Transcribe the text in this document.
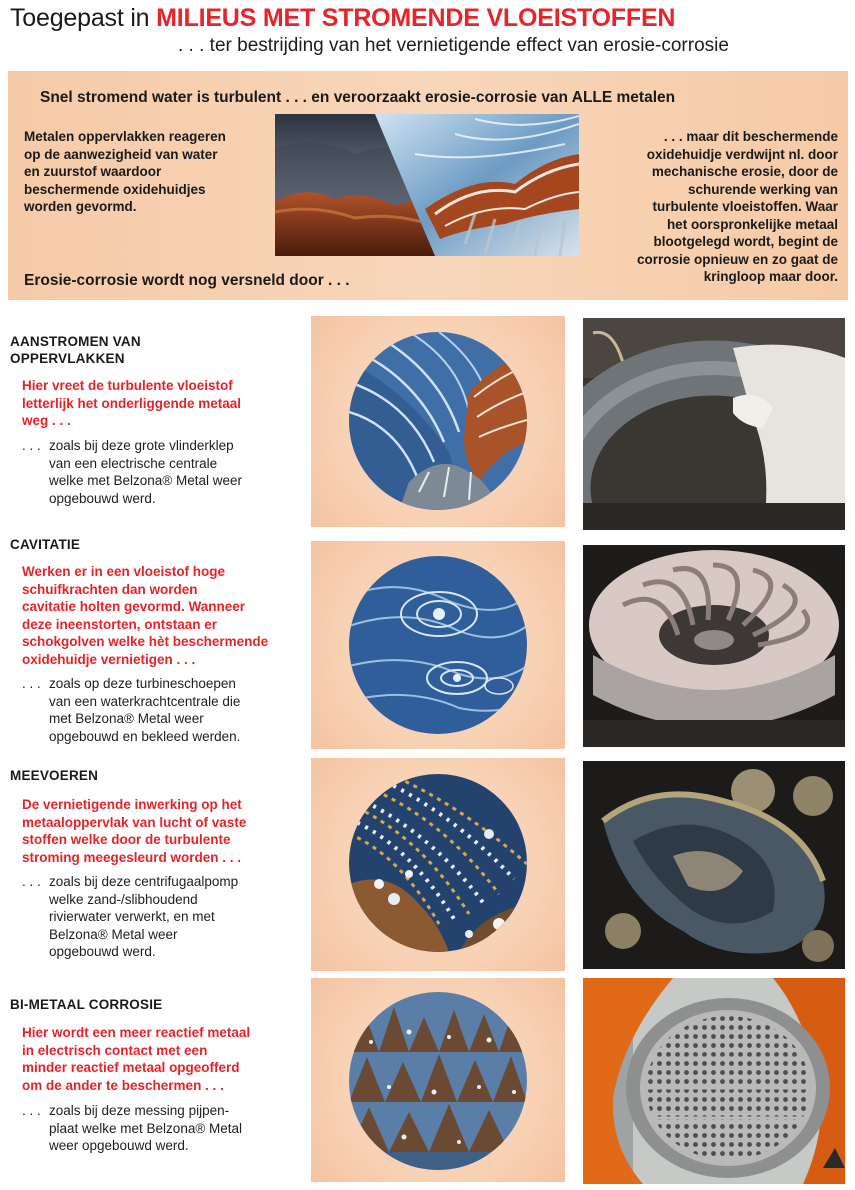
Toegepast in MILIEUS MET STROMENDE VLOEISTOFFEN
. . . ter bestrijding van het vernietigende effect van erosie-corrosie
Snel stromend water is turbulent . . . en veroorzaakt erosie-corrosie van ALLE metalen
Metalen oppervlakken reageren
op de aanwezigheid van water
en zuurstof waardoor
beschermende oxidehuidjes
worden gevormd.
. . . maar dit beschermende
oxidehuidje verdwijnt nl. door
mechanische erosie, door de
schurende werking van
turbulente vloeistoffen. Waar
het oorspronkelijke metaal
blootgelegd wordt, begint de
corrosie opnieuw en zo gaat de
kringloop maar door.
Erosie-corrosie wordt nog versneld door . . .
AANSTROMEN VAN
OPPERVLAKKEN
Hier vreet de turbulente vloeistof
letterlijk het onderliggende metaal
weg . . .
. . . zoals bij deze grote vlinderklep
van een electrische centrale
welke met Belzona® Metal weer
opgebouwd werd.
CAVITATIE
Werken er in een vloeistof hoge
schuifkrachten dan worden
cavitatie holten gevormd. Wanneer
deze ineenstorten, ontstaan er
schokgolven welke hèt beschermende
oxidehuidje vernietigen . . .
. . . zoals op deze turbineschoepen
van een waterkrachtcentrale die
met Belzona® Metal weer
opgebouwd en bekleed werden.
MEEVOEREN
De vernietigende inwerking op het
metaaloppervlak van lucht of vaste
stoffen welke door de turbulente
stroming meegesleurd worden . . .
. . . zoals bij deze centrifugaalpomp
welke zand-/slibhoudend
rivierwater verwerkt, en met
Belzona® Metal weer
opgebouwd werd.
BI-METAAL CORROSIE
Hier wordt een meer reactief metaal
in electrisch contact met een
minder reactief metaal opgeofferd
om de ander te beschermen . . .
. . . zoals bij deze messing pijpen-
plaat welke met Belzona® Metal
weer opgebouwd werd.
